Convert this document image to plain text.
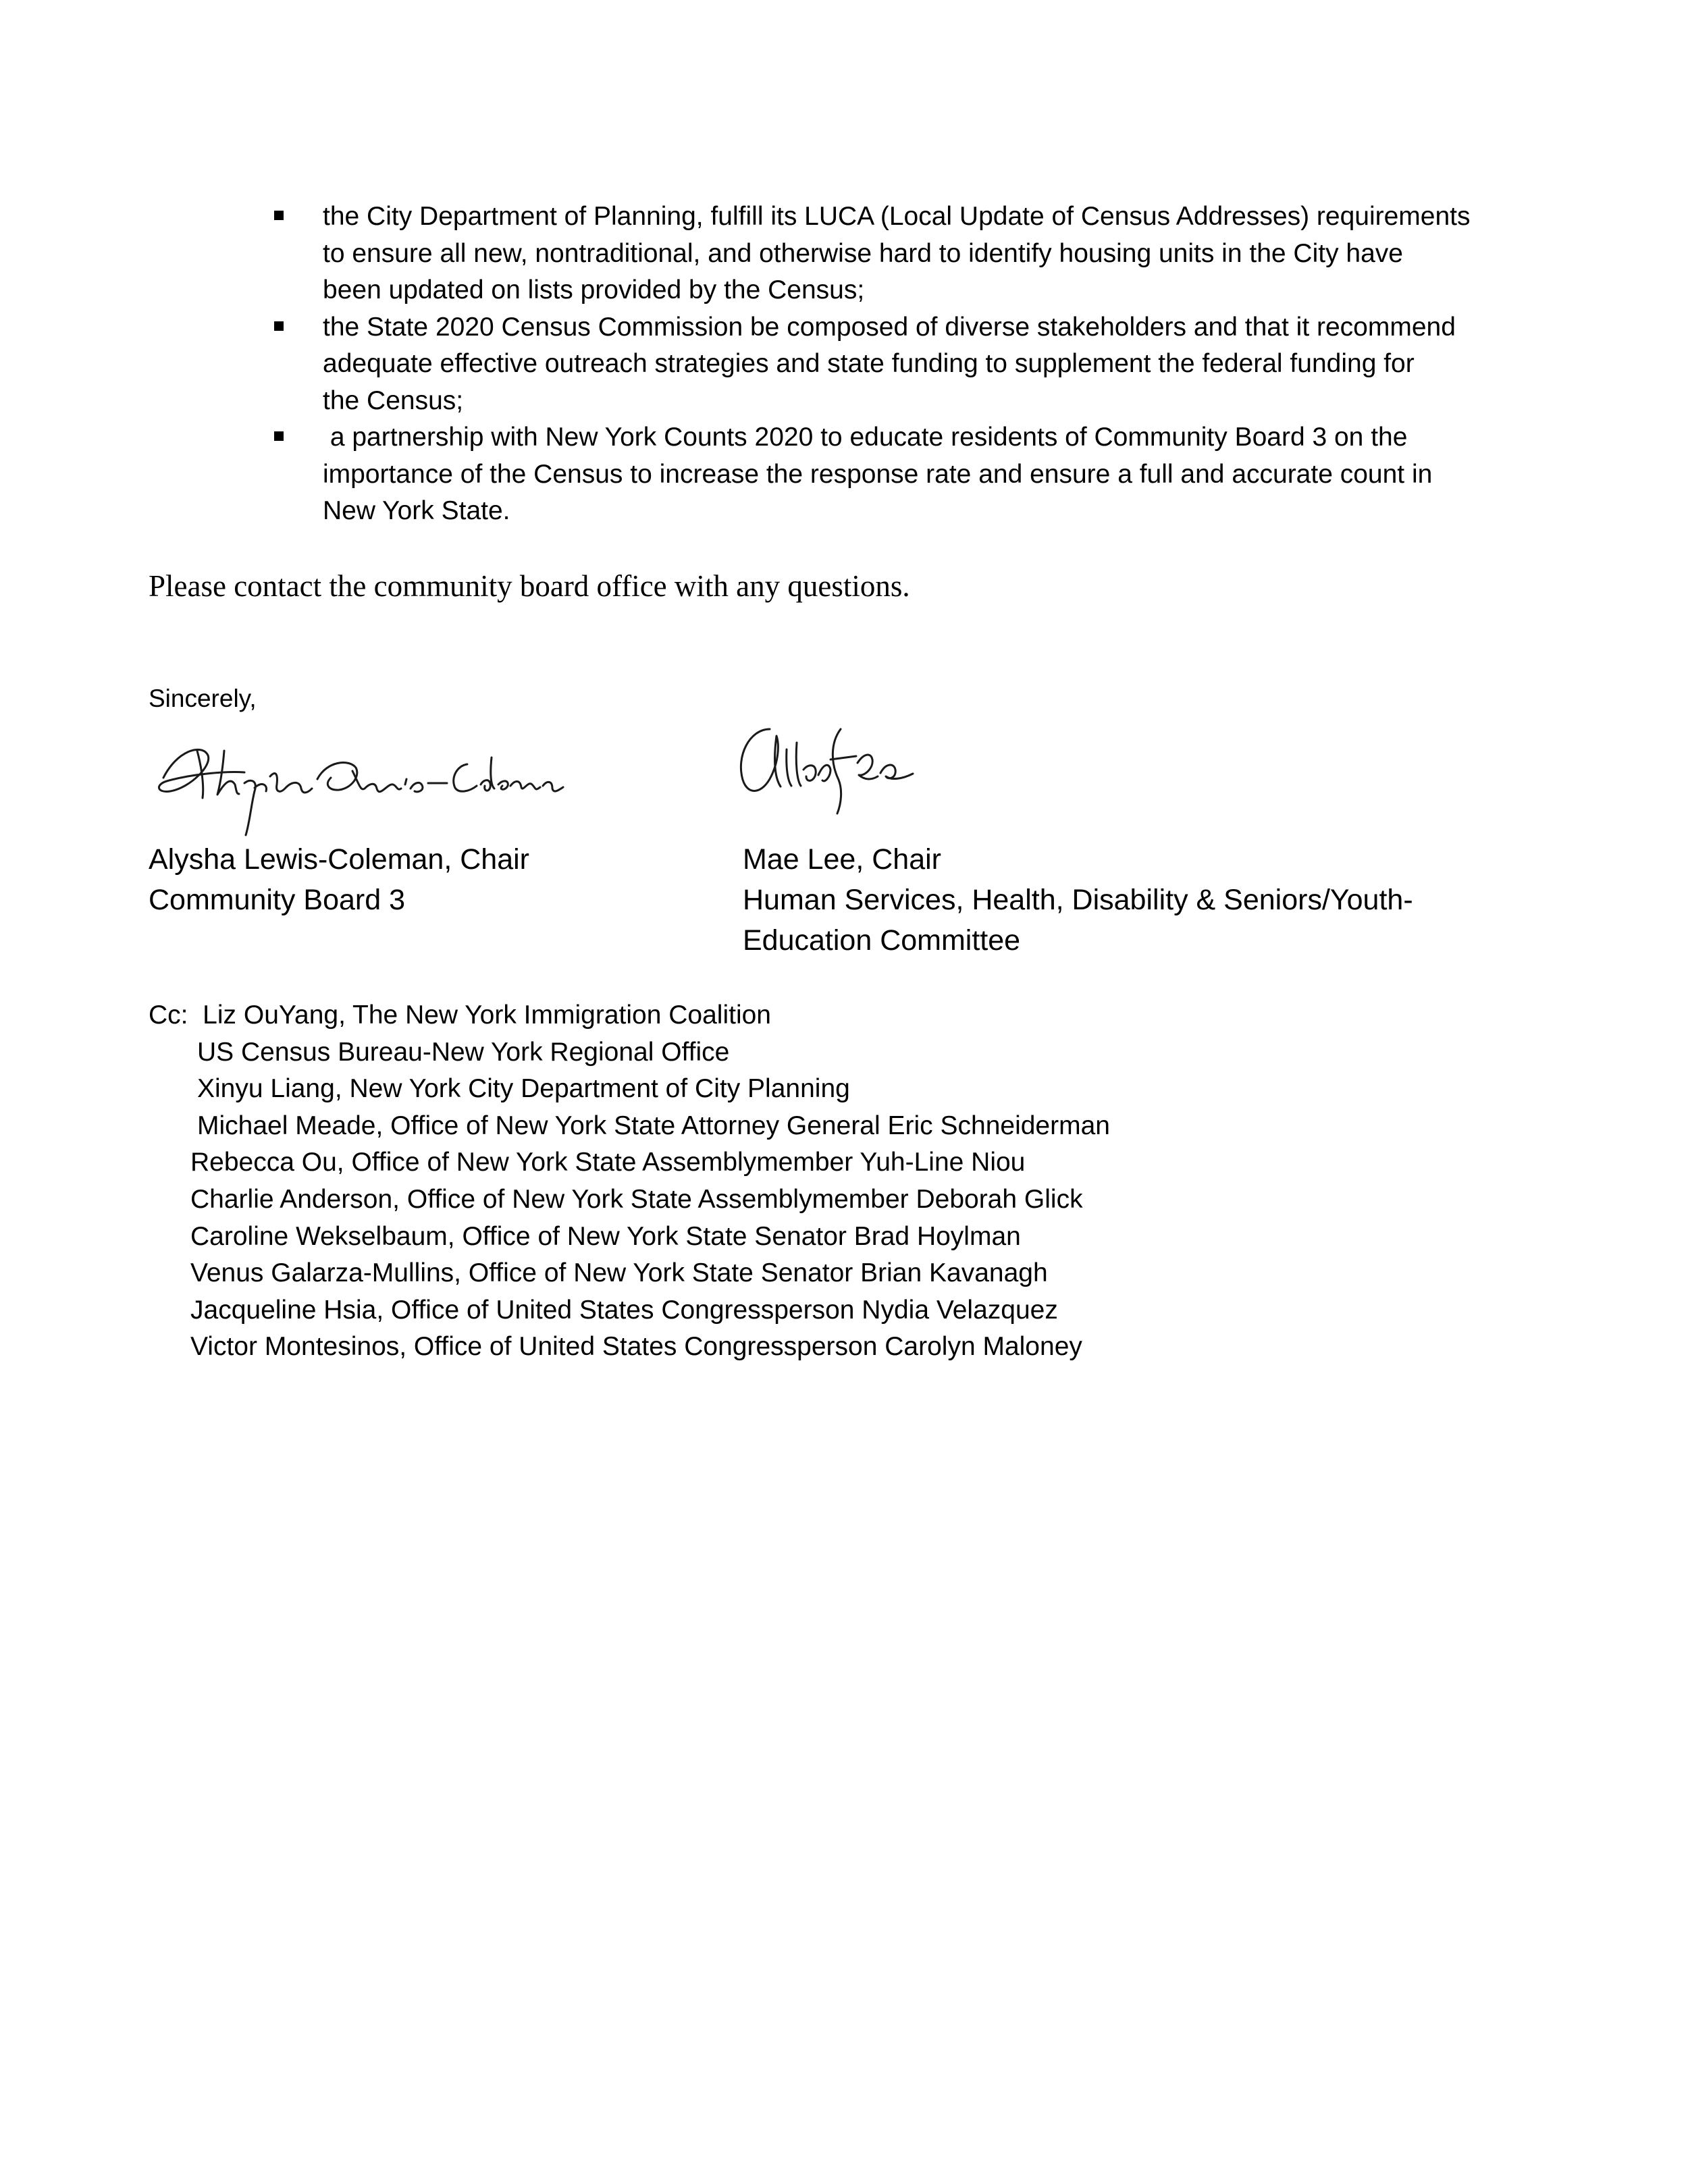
the City Department of Planning, fulfill its LUCA (Local Update of Census Addresses) requirements
to ensure all new, nontraditional, and otherwise hard to identify housing units in the City have
been updated on lists provided by the Census;
the State 2020 Census Commission be composed of diverse stakeholders and that it recommend
adequate effective outreach strategies and state funding to supplement the federal funding for
the Census;
a partnership with New York Counts 2020 to educate residents of Community Board 3 on the
importance of the Census to increase the response rate and ensure a full and accurate count in
New York State.
Please contact the community board office with any questions.
Sincerely,
Alysha Lewis-Coleman, Chair
Community Board 3
Mae Lee, Chair
Human Services, Health, Disability & Seniors/Youth-
Education Committee
Cc:  Liz OuYang, The New York Immigration Coalition
US Census Bureau-New York Regional Office
Xinyu Liang, New York City Department of City Planning
Michael Meade, Office of New York State Attorney General Eric Schneiderman
Rebecca Ou, Office of New York State Assemblymember Yuh-Line Niou
Charlie Anderson, Office of New York State Assemblymember Deborah Glick
Caroline Wekselbaum, Office of New York State Senator Brad Hoylman
Venus Galarza-Mullins, Office of New York State Senator Brian Kavanagh
Jacqueline Hsia, Office of United States Congressperson Nydia Velazquez
Victor Montesinos, Office of United States Congressperson Carolyn Maloney
